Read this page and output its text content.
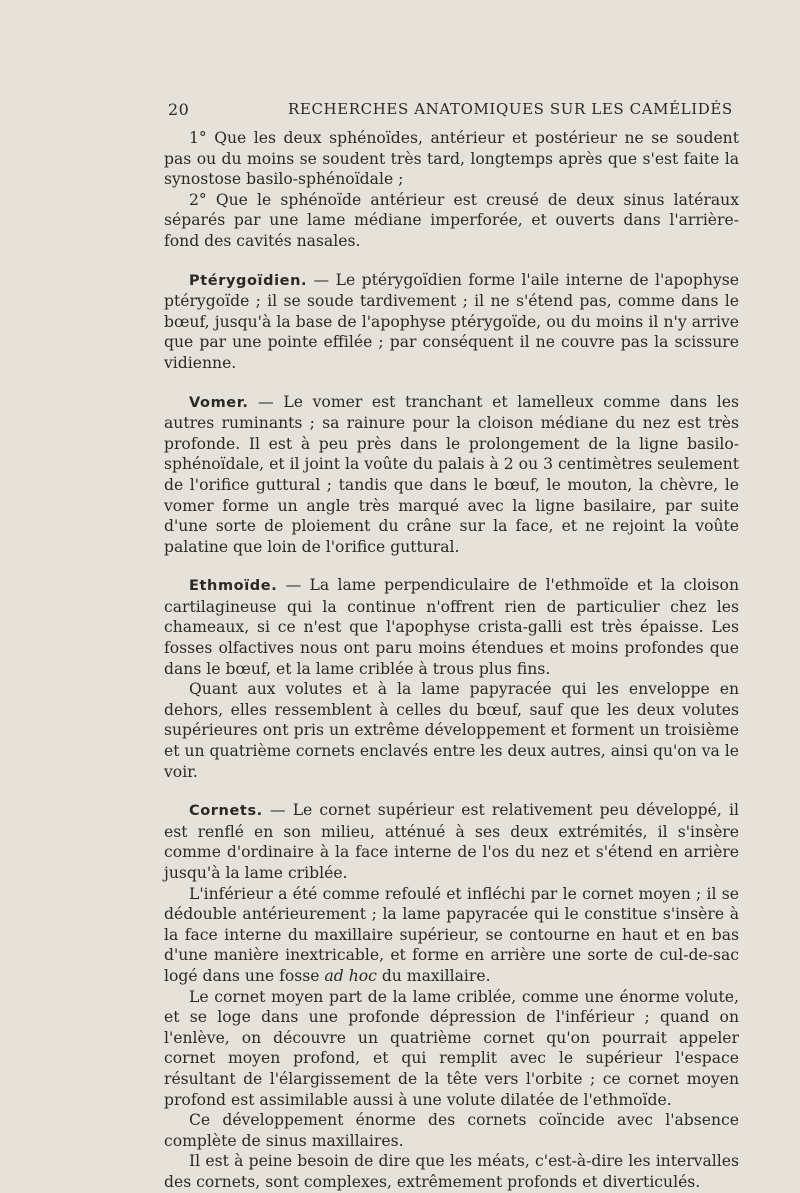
20	RECHERCHES ANATOMIQUES SUR LES CAMÉLIDÉS

1° Que les deux sphénoïdes, antérieur et postérieur ne se soudent pas ou du moins se soudent très tard, longtemps après que s'est faite la synostose basilo-sphénoïdale ;

2° Que le sphénoïde antérieur est creusé de deux sinus latéraux séparés par une lame médiane imperforée, et ouverts dans l'arrière-fond des cavités nasales.

Ptérygoïdien. — Le ptérygoïdien forme l'aile interne de l'apophyse ptérygoïde ; il se soude tardivement ; il ne s'étend pas, comme dans le bœuf, jusqu'à la base de l'apophyse ptérygoïde, ou du moins il n'y arrive que par une pointe effilée ; par conséquent il ne couvre pas la scissure vidienne.

Vomer. — Le vomer est tranchant et lamelleux comme dans les autres ruminants ; sa rainure pour la cloison médiane du nez est très profonde. Il est à peu près dans le prolongement de la ligne basilo-sphénoïdale, et il joint la voûte du palais à 2 ou 3 centimètres seulement de l'orifice guttural ; tandis que dans le bœuf, le mouton, la chèvre, le vomer forme un angle très marqué avec la ligne basilaire, par suite d'une sorte de ploiement du crâne sur la face, et ne rejoint la voûte palatine que loin de l'orifice guttural.

Ethmoïde. — La lame perpendiculaire de l'ethmoïde et la cloison cartilagineuse qui la continue n'offrent rien de particulier chez les chameaux, si ce n'est que l'apophyse crista-galli est très épaisse. Les fosses olfactives nous ont paru moins étendues et moins profondes que dans le bœuf, et la lame criblée à trous plus fins.

Quant aux volutes et à la lame papyracée qui les enveloppe en dehors, elles ressemblent à celles du bœuf, sauf que les deux volutes supérieures ont pris un extrême développement et forment un troisième et un quatrième cornets enclavés entre les deux autres, ainsi qu'on va le voir.

Cornets. — Le cornet supérieur est relativement peu développé, il est renflé en son milieu, atténué à ses deux extrémités, il s'insère comme d'ordinaire à la face interne de l'os du nez et s'étend en arrière jusqu'à la lame criblée.

L'inférieur a été comme refoulé et infléchi par le cornet moyen ; il se dédouble antérieurement ; la lame papyracée qui le constitue s'insère à la face interne du maxillaire supérieur, se contourne en haut et en bas d'une manière inextricable, et forme en arrière une sorte de cul-de-sac logé dans une fosse ad hoc du maxillaire.

Le cornet moyen part de la lame criblée, comme une énorme volute, et se loge dans une profonde dépression de l'inférieur ; quand on l'enlève, on découvre un quatrième cornet qu'on pourrait appeler cornet moyen profond, et qui remplit avec le supérieur l'espace résultant de l'élargissement de la tête vers l'orbite ; ce cornet moyen profond est assimilable aussi à une volute dilatée de l'ethmoïde.

Ce développement énorme des cornets coïncide avec l'absence complète de sinus maxillaires.

Il est à peine besoin de dire que les méats, c'est-à-dire les intervalles des cornets, sont complexes, extrêmement profonds et diverticulés.
